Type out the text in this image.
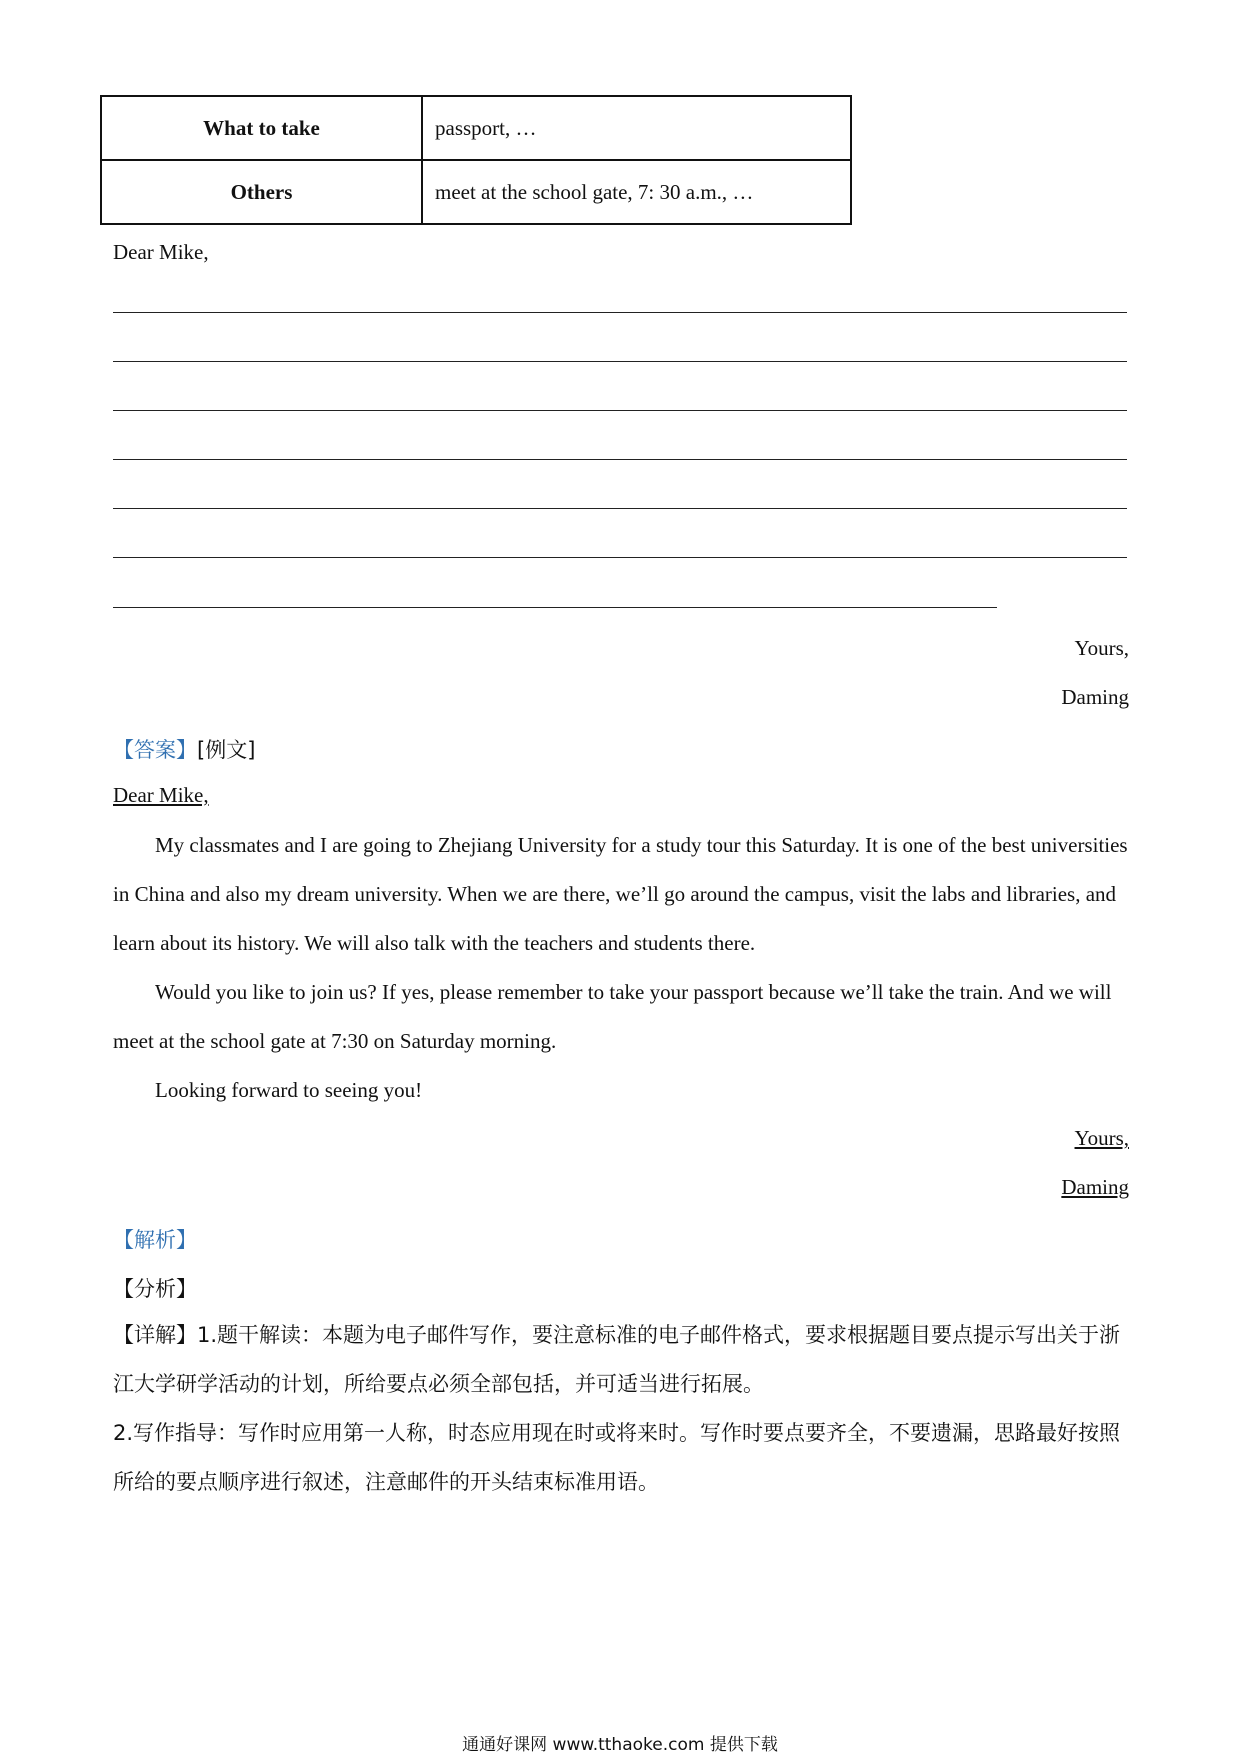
What to take	passport, …
Others	meet at the school gate, 7: 30 a.m., …
Dear Mike,
Yours,
Daming
【答案】[例文]
Dear Mike,
My classmates and I are going to Zhejiang University for a study tour this Saturday. It is one of the best universities in China and also my dream university. When we are there, we’ll go around the campus, visit the labs and libraries, and learn about its history. We will also talk with the teachers and students there.
Would you like to join us? If yes, please remember to take your passport because we’ll take the train. And we will meet at the school gate at 7:30 on Saturday morning.
Looking forward to seeing you!
Yours,
Daming
【解析】
【分析】
【详解】1.题干解读：本题为电子邮件写作，要注意标准的电子邮件格式，要求根据题目要点提示写出关于浙江大学研学活动的计划，所给要点必须全部包括，并可适当进行拓展。
2.写作指导：写作时应用第一人称，时态应用现在时或将来时。写作时要点要齐全，不要遗漏，思路最好按照所给的要点顺序进行叙述，注意邮件的开头结束标准用语。
通通好课网 www.tthaoke.com 提供下载
